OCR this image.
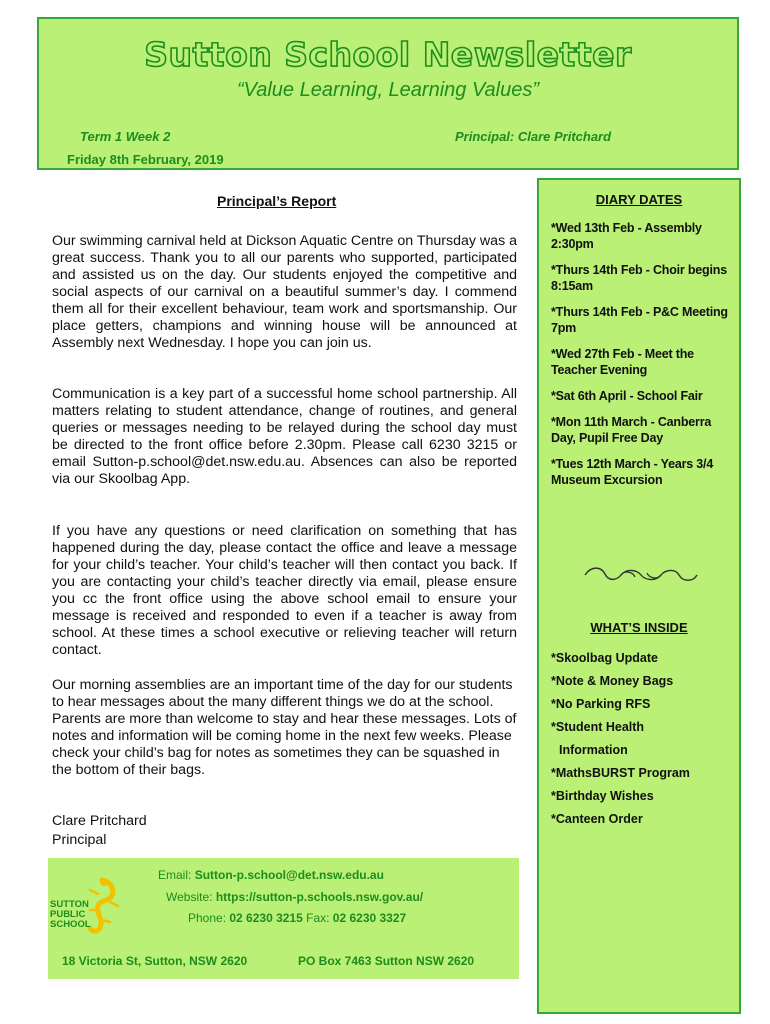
Sutton School Newsletter
“Value Learning, Learning Values”
Term 1 Week 2	Principal: Clare Pritchard
Friday 8th February, 2019
Principal’s Report

Our swimming carnival held at Dickson Aquatic Centre on Thursday was a great success. Thank you to all our parents who supported, participated and assisted us on the day. Our students enjoyed the competitive and social aspects of our carnival on a beautiful summer’s day. I commend them all for their excellent behaviour, team work and sportsmanship. Our place getters, champions and winning house will be announced at Assembly next Wednesday. I hope you can join us.

Communication is a key part of a successful home school partnership. All matters relating to student attendance, change of routines, and general queries or messages needing to be relayed during the school day must be directed to the front office before 2.30pm. Please call 6230 3215 or email Sutton-p.school@det.nsw.edu.au. Absences can also be reported via our Skoolbag App.

If you have any questions or need clarification on something that has happened during the day, please contact the office and leave a message for your child’s teacher. Your child’s teacher will then contact you back. If you are contacting your child’s teacher directly via email, please ensure you cc the front office using the above school email to ensure your message is received and responded to even if a teacher is away from school. At these times a school executive or relieving teacher will return contact.

Our morning assemblies are an important time of the day for our students to hear messages about the many different things we do at the school. Parents are more than welcome to stay and hear these messages. Lots of notes and information will be coming home in the next few weeks. Please check your child’s bag for notes as sometimes they can be squashed in the bottom of their bags.

Clare Pritchard
Principal
SUTTON
PUBLIC
SCHOOL
Email: Sutton-p.school@det.nsw.edu.au
Website: https://sutton-p.schools.nsw.gov.au/
Phone: 02 6230 3215 Fax: 02 6230 3327
18 Victoria St, Sutton, NSW 2620	PO Box 7463 Sutton NSW 2620
DIARY DATES
*Wed 13th Feb - Assembly 2:30pm
*Thurs 14th Feb - Choir begins 8:15am
*Thurs 14th Feb - P&C Meeting 7pm
*Wed 27th Feb - Meet the Teacher Evening
*Sat 6th April - School Fair
*Mon 11th March - Canberra Day, Pupil Free Day
*Tues 12th March - Years 3/4 Museum Excursion
WHAT’S INSIDE
*Skoolbag Update
*Note & Money Bags
*No Parking RFS
*Student Health
Information
*MathsBURST Program
*Birthday Wishes
*Canteen Order
